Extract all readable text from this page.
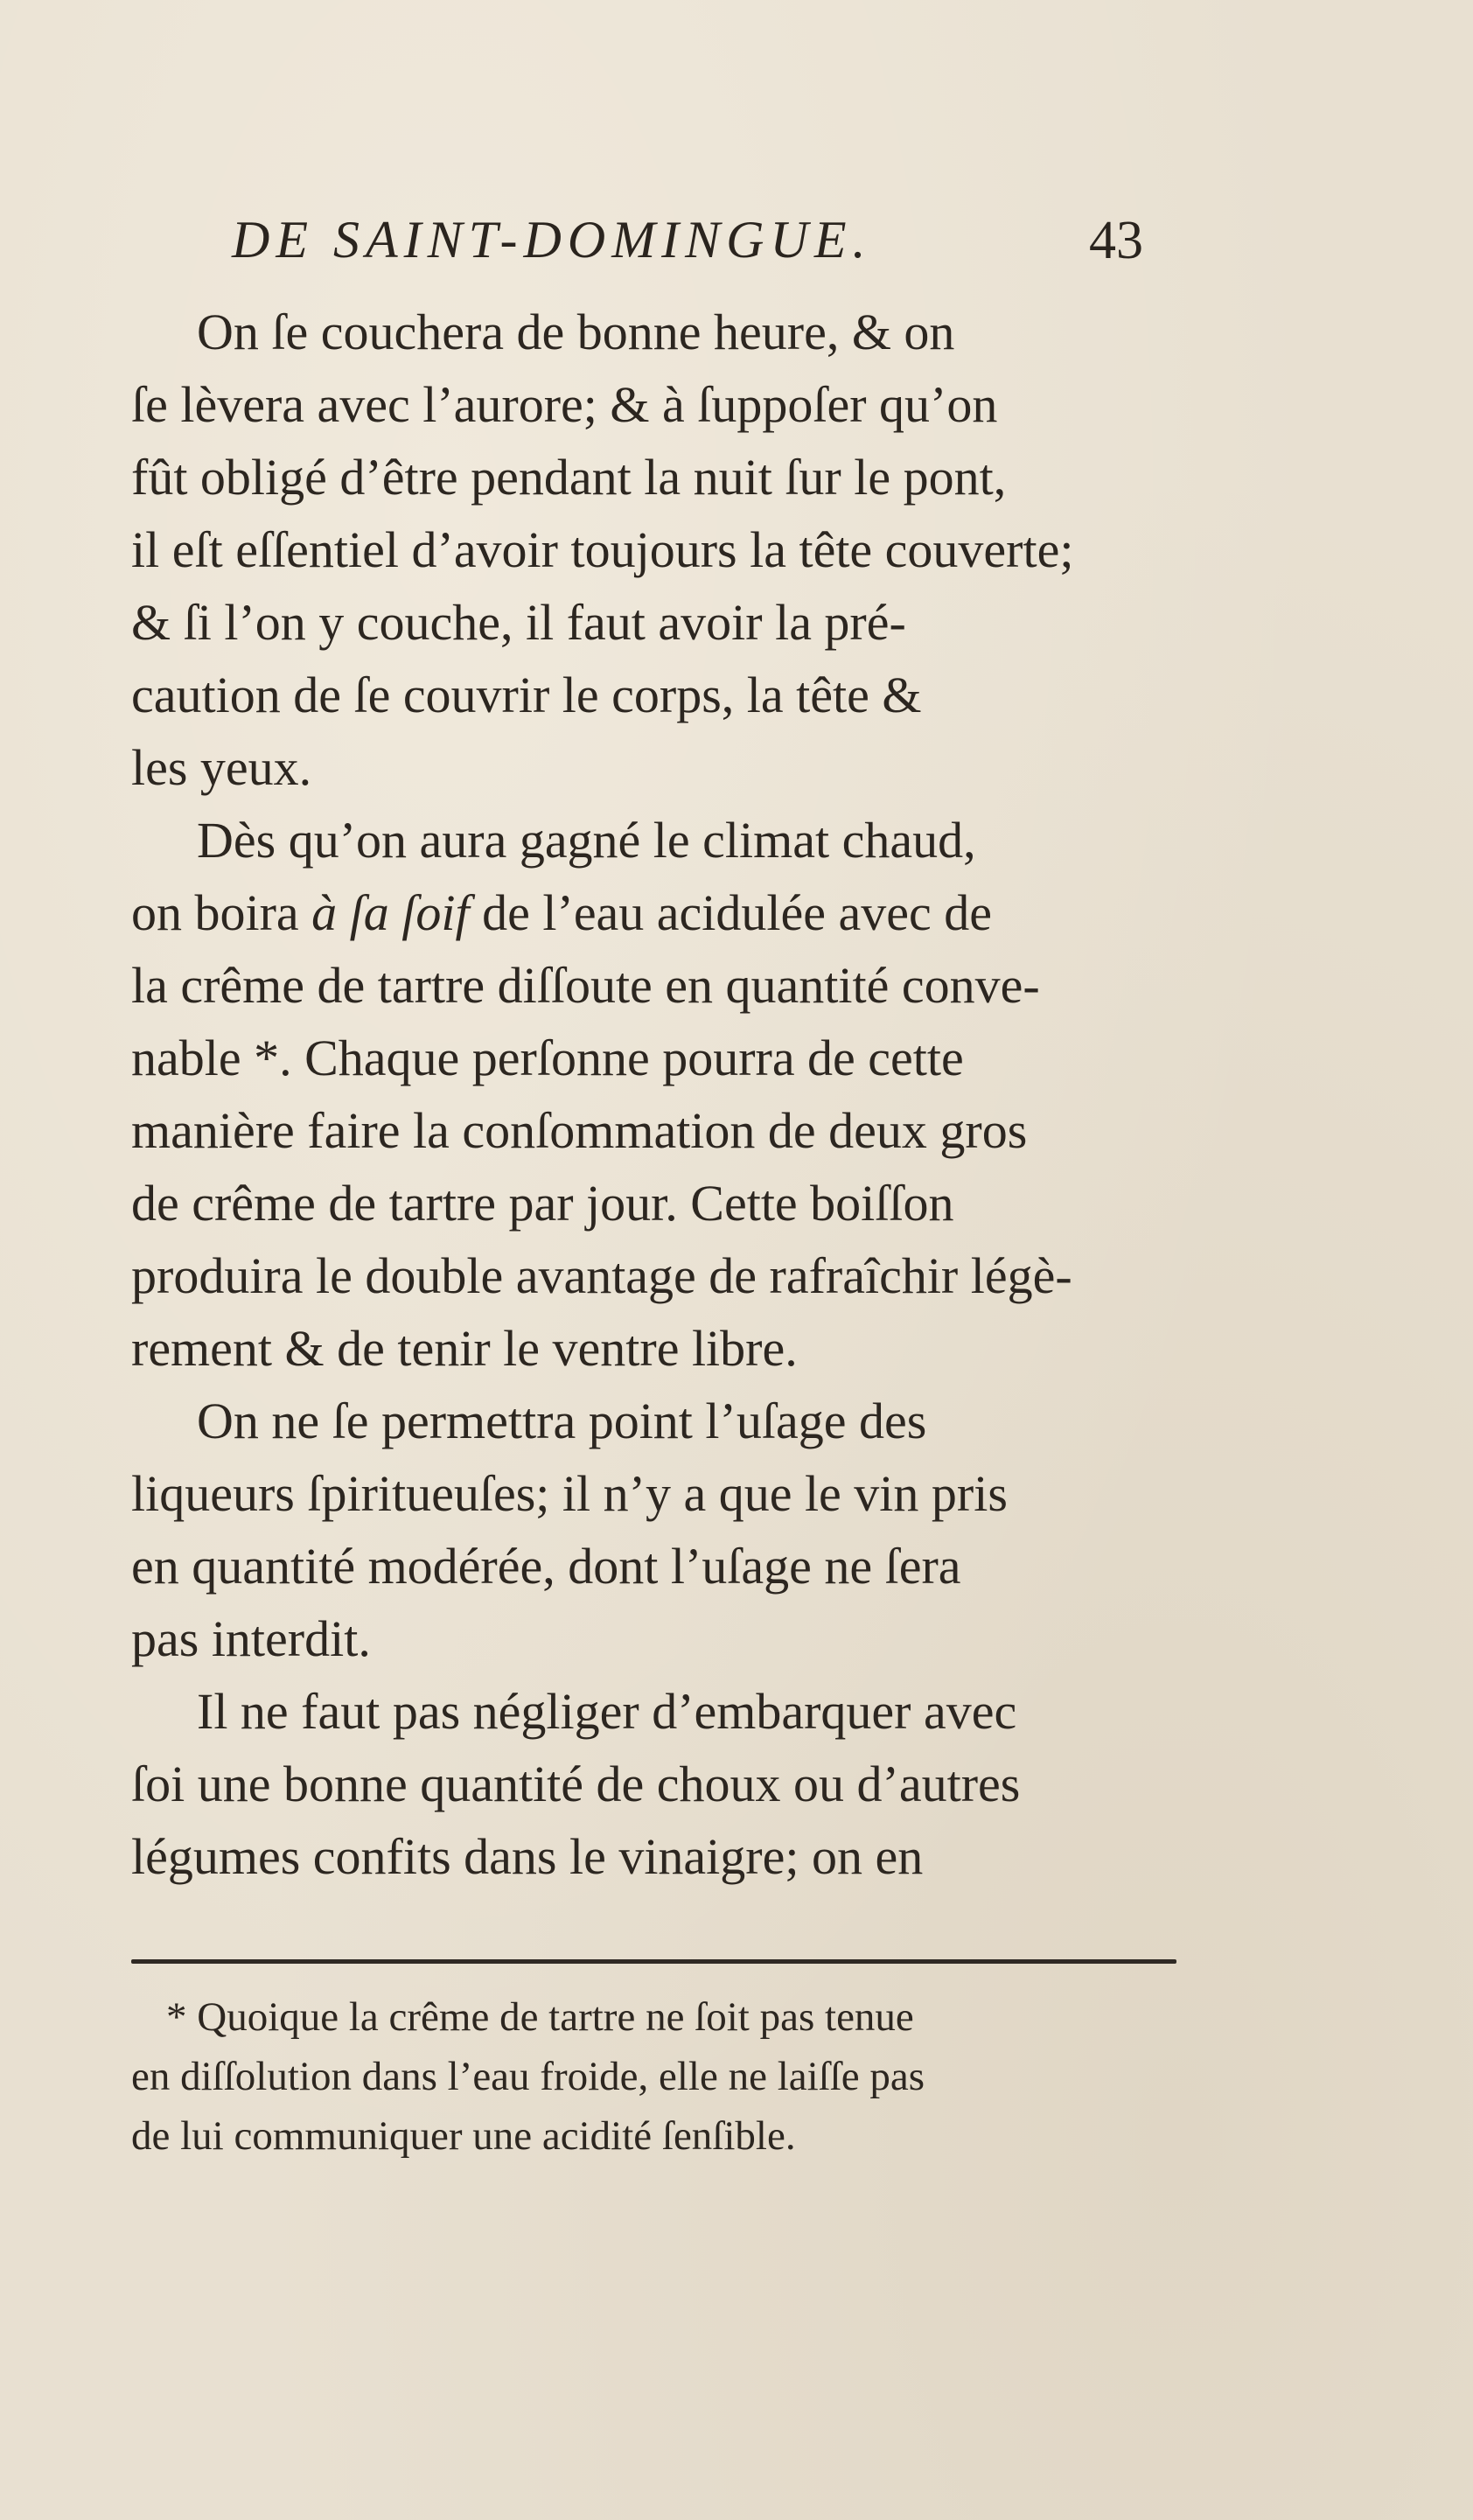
DE SAINT-DOMINGUE.	43
On ſe couchera de bonne heure, & on
ſe lèvera avec l’aurore; & à ſuppoſer qu’on
fût obligé d’être pendant la nuit ſur le pont,
il eſt eſſentiel d’avoir toujours la tête couverte;
& ſi l’on y couche, il faut avoir la pré-
caution de ſe couvrir le corps, la tête &
les yeux.
Dès qu’on aura gagné le climat chaud,
on boira à ſa ſoif de l’eau acidulée avec de
la crême de tartre diſſoute en quantité conve-
nable *. Chaque perſonne pourra de cette
manière faire la conſommation de deux gros
de crême de tartre par jour. Cette boiſſon
produira le double avantage de rafraîchir légè-
rement & de tenir le ventre libre.
On ne ſe permettra point l’uſage des
liqueurs ſpiritueuſes; il n’y a que le vin pris
en quantité modérée, dont l’uſage ne ſera
pas interdit.
Il ne faut pas négliger d’embarquer avec
ſoi une bonne quantité de choux ou d’autres
légumes confits dans le vinaigre; on en
* Quoique la crême de tartre ne ſoit pas tenue
en diſſolution dans l’eau froide, elle ne laiſſe pas
de lui communiquer une acidité ſenſible.
